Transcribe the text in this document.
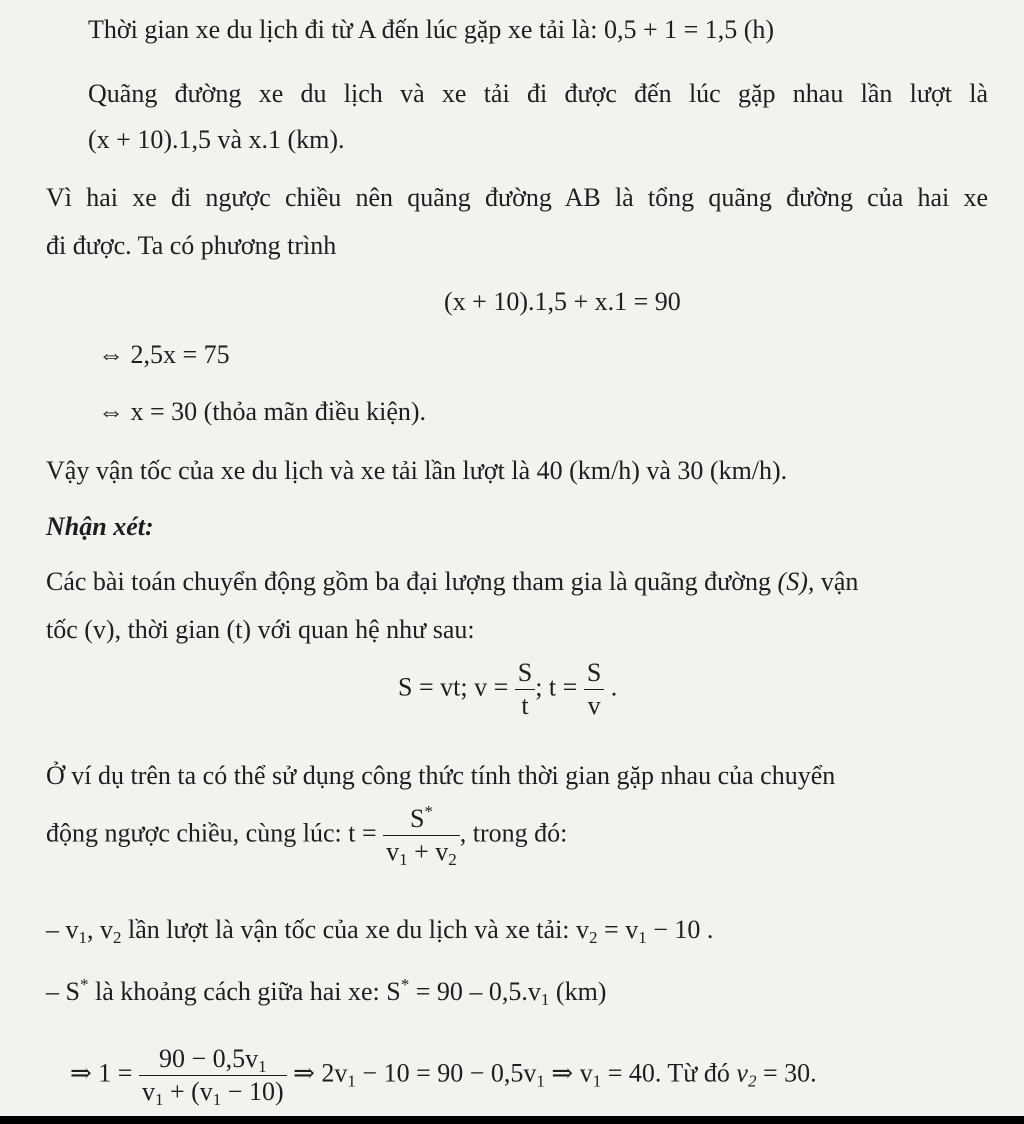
Thời gian xe du lịch đi từ A đến lúc gặp xe tải là: 0,5 + 1 = 1,5 (h)
Quãng đường xe du lịch và xe tải đi được đến lúc gặp nhau lần lượt là
(x + 10).1,5 và x.1 (km).
Vì hai xe đi ngược chiều nên quãng đường AB là tổng quãng đường của hai xe
đi được. Ta có phương trình
(x + 10).1,5 + x.1 = 90
⇔ 2,5x = 75
⇔ x = 30 (thỏa mãn điều kiện).
Vậy vận tốc của xe du lịch và xe tải lần lượt là 40 (km/h) và 30 (km/h).
Nhận xét:
Các bài toán chuyển động gồm ba đại lượng tham gia là quãng đường (S), vận
tốc (v), thời gian (t) với quan hệ như sau:
S = vt; $v = \frac{S}{t}$ ; $t = \frac{S}{v}$ .
Ở ví dụ trên ta có thể sử dụng công thức tính thời gian gặp nhau của chuyển
động ngược chiều, cùng lúc: $t = \frac{S^*}{v_1 + v_2}$ , trong đó:
– $v_1$, $v_2$ lần lượt là vận tốc của xe du lịch và xe tải: $v_2 = v_1 - 10$ .
– S* là khoảng cách giữa hai xe: $S^* = 90 - 0,5.v_1$ (km)
⇒ $1 = \frac{90 - 0,5v_1}{v_1 + (v_1 - 10)}$ ⇒ $2v_1 - 10 = 90 - 0,5v_1$ ⇒ $v_1 = 40$. Từ đó $v_2 = 30$.
